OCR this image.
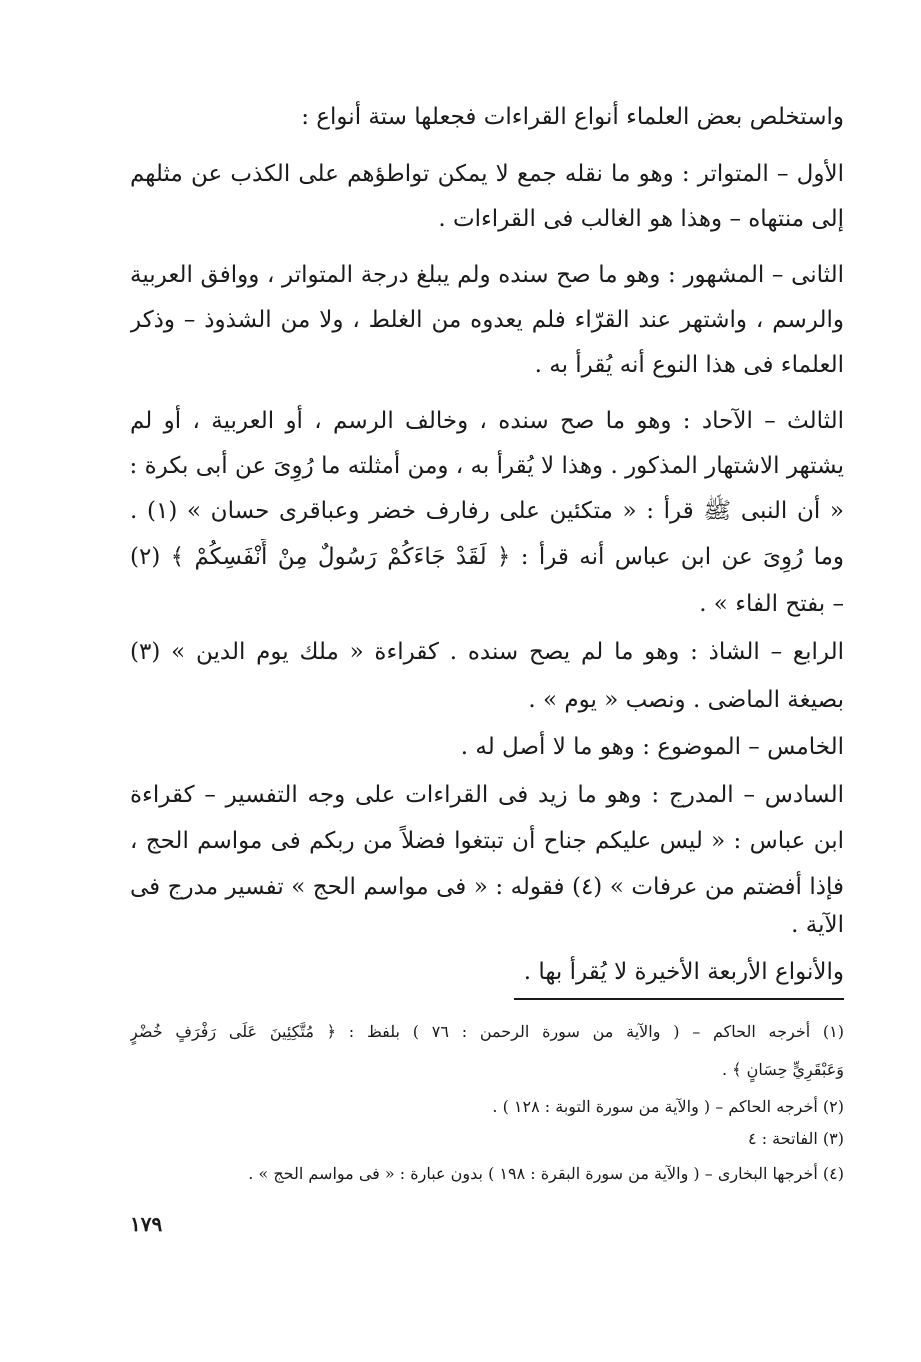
واستخلص بعض العلماء أنواع القراءات فجعلها ستة أنواع :
الأول – المتواتر : وهو ما نقله جمع لا يمكن تواطؤهم على الكذب عن مثلهم
إلى منتهاه – وهذا هو الغالب فى القراءات .
الثانى – المشهور : وهو ما صح سنده ولم يبلغ درجة المتواتر ، ووافق العربية
والرسم ، واشتهر عند القرّاء فلم يعدوه من الغلط ، ولا من الشذوذ – وذكر
العلماء فى هذا النوع أنه يُقرأ به .
الثالث – الآحاد : وهو ما صح سنده ، وخالف الرسم ، أو العربية ، أو لم
يشتهر الاشتهار المذكور . وهذا لا يُقرأ به ، ومن أمثلته ما رُوِىَ عن أبى بكرة :
« أن النبى ﷺ قرأ : « متكئين على رفارف خضر وعباقرى حسان » (١) .
وما رُوِىَ عن ابن عباس أنه قرأ : ﴿ لَقَدْ جَاءَكُمْ رَسُولٌ مِنْ أَنْفَسِكُمْ ﴾ (٢)
– بفتح الفاء » .
الرابع – الشاذ : وهو ما لم يصح سنده . كقراءة « ملك يوم الدين » (٣)
بصيغة الماضى . ونصب « يوم » .
الخامس – الموضوع : وهو ما لا أصل له .
السادس – المدرج : وهو ما زيد فى القراءات على وجه التفسير – كقراءة
ابن عباس : « ليس عليكم جناح أن تبتغوا فضلاً من ربكم فى مواسم الحج ،
فإذا أفضتم من عرفات » (٤) فقوله : « فى مواسم الحج » تفسير مدرج فى
الآية .
والأنواع الأربعة الأخيرة لا يُقرأ بها .
(١) أخرجه الحاكم – ( والآية من سورة الرحمن : ٧٦ ) بلفظ : ﴿ مُتَّكِئِينَ عَلَى رَفْرَفٍ خُضْرٍ
وَعَبْقَرِيٍّ حِسَانٍ ﴾ .
(٢) أخرجه الحاكم – ( والآية من سورة التوبة : ١٢٨ ) .
(٣) الفاتحة : ٤
(٤) أخرجها البخارى – ( والآية من سورة البقرة : ١٩٨ ) بدون عبارة : « فى مواسم الحج » .
١٧٩
